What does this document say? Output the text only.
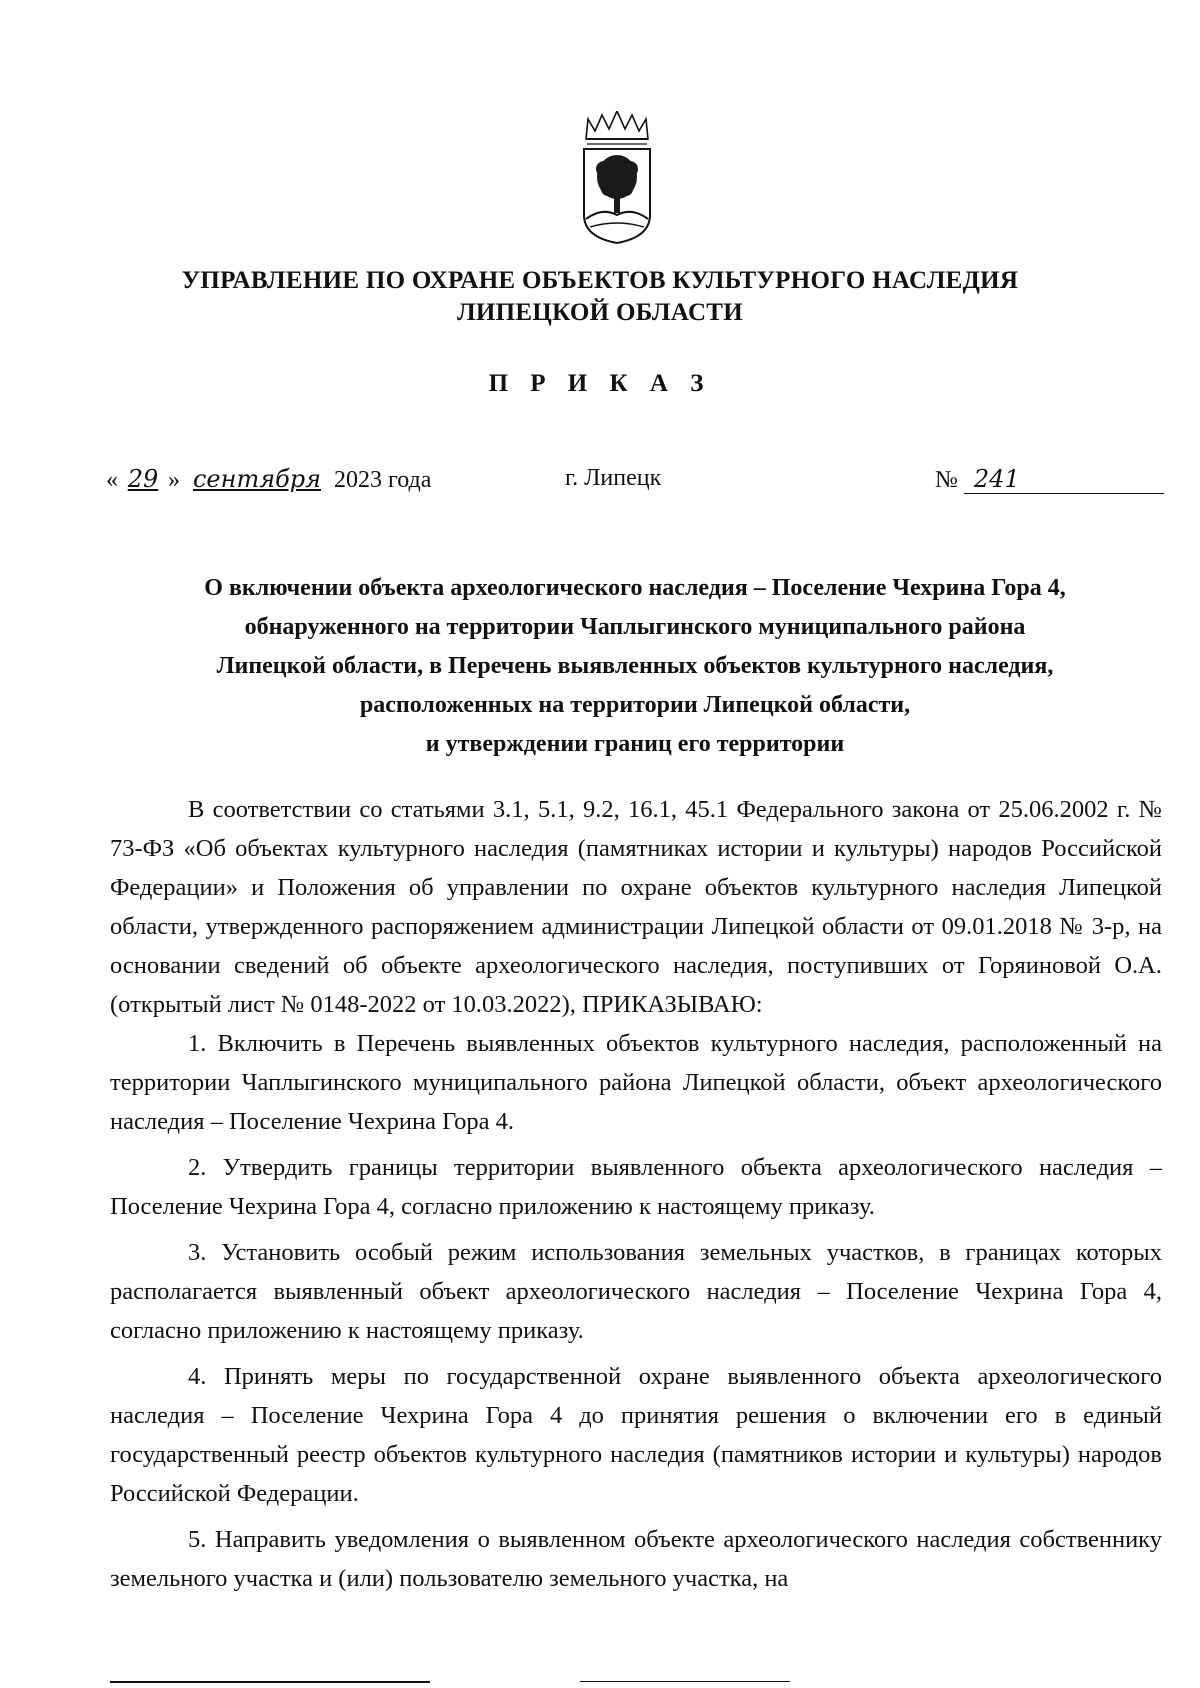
УПРАВЛЕНИЕ ПО ОХРАНЕ ОБЪЕКТОВ КУЛЬТУРНОГО НАСЛЕДИЯ
ЛИПЕЦКОЙ ОБЛАСТИ
П Р И К А З
« 29 » сентября 2023 года	г. Липецк	№ 241
О включении объекта археологического наследия – Поселение Чехрина Гора 4,
обнаруженного на территории Чаплыгинского муниципального района
Липецкой области, в Перечень выявленных объектов культурного наследия,
расположенных на территории Липецкой области,
и утверждении границ его территории

В соответствии со статьями 3.1, 5.1, 9.2, 16.1, 45.1 Федерального закона от 25.06.2002 г. № 73-ФЗ «Об объектах культурного наследия (памятниках истории и культуры) народов Российской Федерации» и Положения об управлении по охране объектов культурного наследия Липецкой области, утвержденного распоряжением администрации Липецкой области от 09.01.2018 № 3-р, на основании сведений об объекте археологического наследия, поступивших от Горяиновой О.А. (открытый лист № 0148-2022 от 10.03.2022), ПРИКАЗЫВАЮ:

1. Включить в Перечень выявленных объектов культурного наследия, расположенный на территории Чаплыгинского муниципального района Липецкой области, объект археологического наследия – Поселение Чехрина Гора 4.

2. Утвердить границы территории выявленного объекта археологического наследия – Поселение Чехрина Гора 4, согласно приложению к настоящему приказу.

3. Установить особый режим использования земельных участков, в границах которых располагается выявленный объект археологического наследия – Поселение Чехрина Гора 4, согласно приложению к настоящему приказу.

4. Принять меры по государственной охране выявленного объекта археологического наследия – Поселение Чехрина Гора 4 до принятия решения о включении его в единый государственный реестр объектов культурного наследия (памятников истории и культуры) народов Российской Федерации.

5. Направить уведомления о выявленном объекте археологического наследия собственнику земельного участка и (или) пользователю земельного участка, на
